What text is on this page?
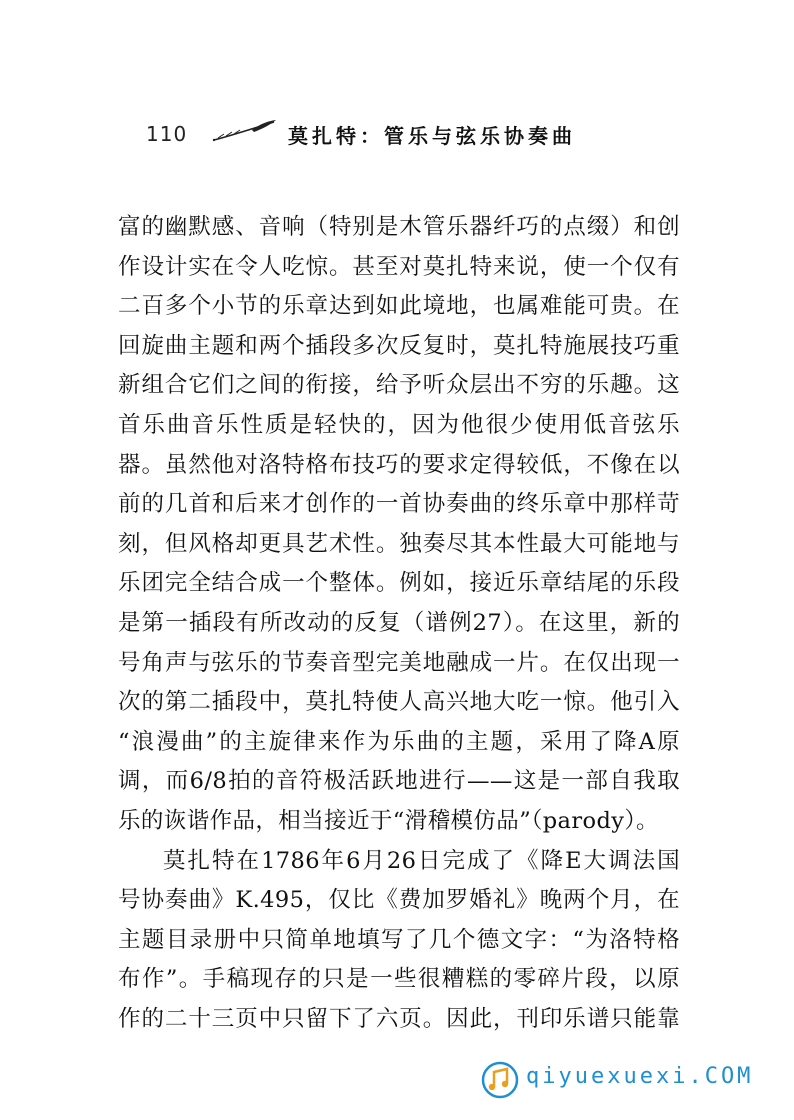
110	莫扎特：管乐与弦乐协奏曲
富的幽默感、音响（特别是木管乐器纤巧的点缀）和创
作设计实在令人吃惊。甚至对莫扎特来说，使一个仅有
二百多个小节的乐章达到如此境地，也属难能可贵。在
回旋曲主题和两个插段多次反复时，莫扎特施展技巧重
新组合它们之间的衔接，给予听众层出不穷的乐趣。这
首乐曲音乐性质是轻快的，因为他很少使用低音弦乐
器。虽然他对洛特格布技巧的要求定得较低，不像在以
前的几首和后来才创作的一首协奏曲的终乐章中那样苛
刻，但风格却更具艺术性。独奏尽其本性最大可能地与
乐团完全结合成一个整体。例如，接近乐章结尾的乐段
是第一插段有所改动的反复（谱例27）。在这里，新的
号角声与弦乐的节奏音型完美地融成一片。在仅出现一
次的第二插段中，莫扎特使人高兴地大吃一惊。他引入
“浪漫曲”的主旋律来作为乐曲的主题，采用了降A原
调，而6/8拍的音符极活跃地进行——这是一部自我取
乐的诙谐作品，相当接近于“滑稽模仿品”（parody）。
莫扎特在1786年6月26日完成了《降E大调法国
号协奏曲》K.495，仅比《费加罗婚礼》晚两个月，在
主题目录册中只简单地填写了几个德文字：“为洛特格
布作”。手稿现存的只是一些很糟糕的零碎片段，以原
作的二十三页中只留下了六页。因此，刊印乐谱只能靠
qiyuexuexi.COM
